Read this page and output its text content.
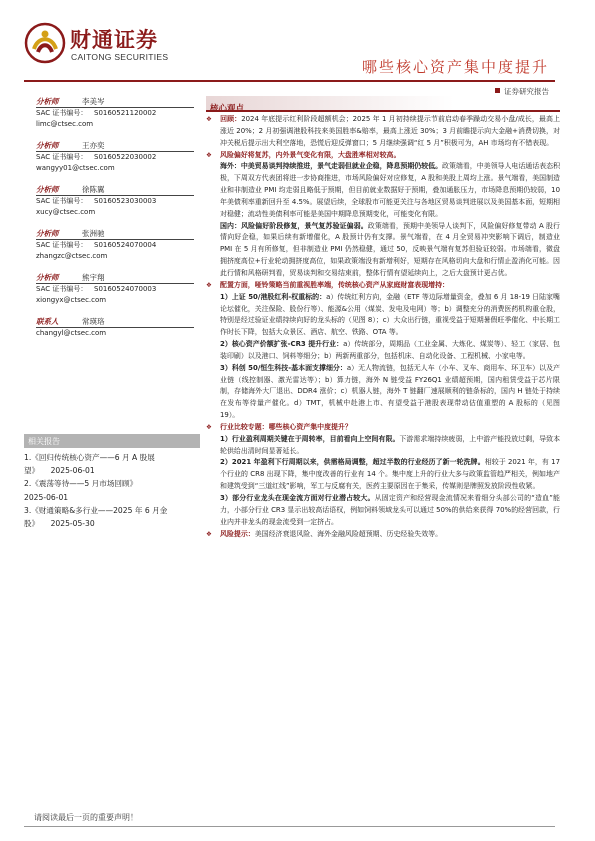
财通证券
CAITONG SECURITIES
哪些核心资产集中度提升
证券研究报告
分析师	李美岑
SAC 证书编号： S0160521120002
limc@ctsec.com
分析师	王亦奕
SAC 证书编号： S0160522030002
wangyy01@ctsec.com
分析师	徐陈翼
SAC 证书编号： S0160523030003
xucy@ctsec.com
分析师	张洲驰
SAC 证书编号： S0160524070004
zhangzc@ctsec.com
分析师	熊宇翔
SAC 证书编号： S0160524070003
xiongyx@ctsec.com
联系人	常瑛珞
changyl@ctsec.com
相关报告
1.《回归传统核心资产——6 月 A 股展
望》　　2025-06-01
2.《震荡等待——5 月市场回顾》
2025-06-01
3.《财通策略&多行业——2025 年 6 月金
股》　　2025-05-30
核心观点

❖ 回顾：2024 年底提示红利阶段超额机会；2025 年 1 月初持续提示节前启动春季躁动交易小盘/成长，最高上涨近 20%；2 月初强调港股科技来美国胜率&赔率，最高上涨近 30%；3 月前瞻提示向大金融+消费切换，对冲关税后提示出大利空落地，恐慌后迎反弹窗口；5 月继续强调“红 5 月”积极可为，AH 市场均有不错表现。

❖ 风险偏好将复苏，内外景气变化有限，大盘胜率相对较高。

海外：中美贸易谈判持续推进，景气走弱但就业企稳，降息预期仍较低。政策端看，中美领导人电话通话表态积极，下周双方代表团将进一步协商推进，市场风险偏好对应修复，A 股和美股上周均上涨。景气端看，美国制造业和非制造业 PMI 均走弱且略低于预期，但目前就业数据好于预期，叠加通胀压力，市场降息预期仍较弱，10 年美债利率重新回升至 4.5%。展望后续，全球股市可能更关注与各地区贸易谈判进展以及美国基本面，短期相对稳健；流动性美债利率可能是美国中期降息预期变化，可能变化有限。

国内：风险偏好阶段修复，景气复苏验证偏弱。政策端看，预期中美领导人谈判下，风险偏好修复带动 A 股行情向好企稳，如果后续有新增催化，A 股预计仍有支撑。景气端看，在 4 月全贸易冲突影响下调后，制造业 PMI 在 5 月有所修复，但非制造业 PMI 仍然稳健，通过 50，反映景气端有复苏但验证较弱。市场端看，微盘拥挤度高位+行业轮动拥挤度高位，如果政策端没有新增利好，短期存在风格切向大盘和行情止盈消化可能。因此行情和风格研判看，贸易谈判和交易结束前，整体行情有望延续向上，之后大盘预计更占优。

❖ 配置方面，哑铃策略当前重视胜率端，传统核心资产从家庭财富表现增持：

1）上证 50/港股红利-权重标的：a）传统红利方向，金融（ETF 等边际增量资金，叠加 6 月 18-19 日陆家嘴论坛催化，关注保险、股份行等）、能源&公用（煤炭、发电及电网）等；b）调整充分的消费医药机构重仓股，特别是经过验证业绩持续向好的龙头标的（见图 8）；c）大众出行链，重视受益于短期暑假旺季催化、中长期工作时长下降，包括大众景区、酒店、航空、铁路、OTA 等。

2）核心资产价额扩张-CR3 提升行业：a）传统部分，周期品（工业金属、大炼化、煤炭等）、轻工（家居、包装印刷）以及港口、饲料等细分；b）两新两重部分，包括机床、自动化设备、工程机械、小家电等。

3）科创 50/恒生科技-基本面支撑细分：a）无人物流链，包括无人车（小车、叉车、商用车、环卫车）以及产业链（线控制器、激光雷达等）；b）算力链，海外 N 链受益 FY26Q1 业绩超预期，国内租赁受益于芯片限制，存储海外大厂退出、DDR4 涨价；c）机器人链，海外 T 链翻厂速展顺利的链条标的，国内 H 链处于持续在发布等待量产催化。d）TMT，机械中赴港上市、有望受益于港股表现带动估值重塑的 A 股标的（见图 19）。

❖ 行业比较专题：哪些核心资产集中度提升？

1）行业盈利周期关键在于周转率，目前看向上空间有限。下游需求端持续疲弱，上中游产能投放过剩，导致本轮供给出清时间显著延长。

2）2021 年盈利下行周期以来，供需格局调整，超过半数的行业经历了新一轮洗牌。相较于 2021 年，有 17 个行业的 CR8 出现下降，集中度改善的行业有 14 个。集中度上升的行业大多与政策监管趋严相关，例如地产和建筑受到“三道红线”影响，军工与反腐有关，医药主要原因在于集采，传媒则是牌照发放阶段性收紧。

3）部分行业龙头在现金流方面对行业潜占较大。从固定资产和经营现金流情况来看细分头部公司的“造血”能力，小部分行业 CR3 显示出较高话语权，例如饲料领域龙头可以通过 50%的供给来获得 70%的经营回款，行业内并非龙头的现金流受到一定挤占。

❖ 风险提示：美国经济衰退风险、海外金融风险超预期、历史经验失效等。

请阅读最后一页的重要声明！
